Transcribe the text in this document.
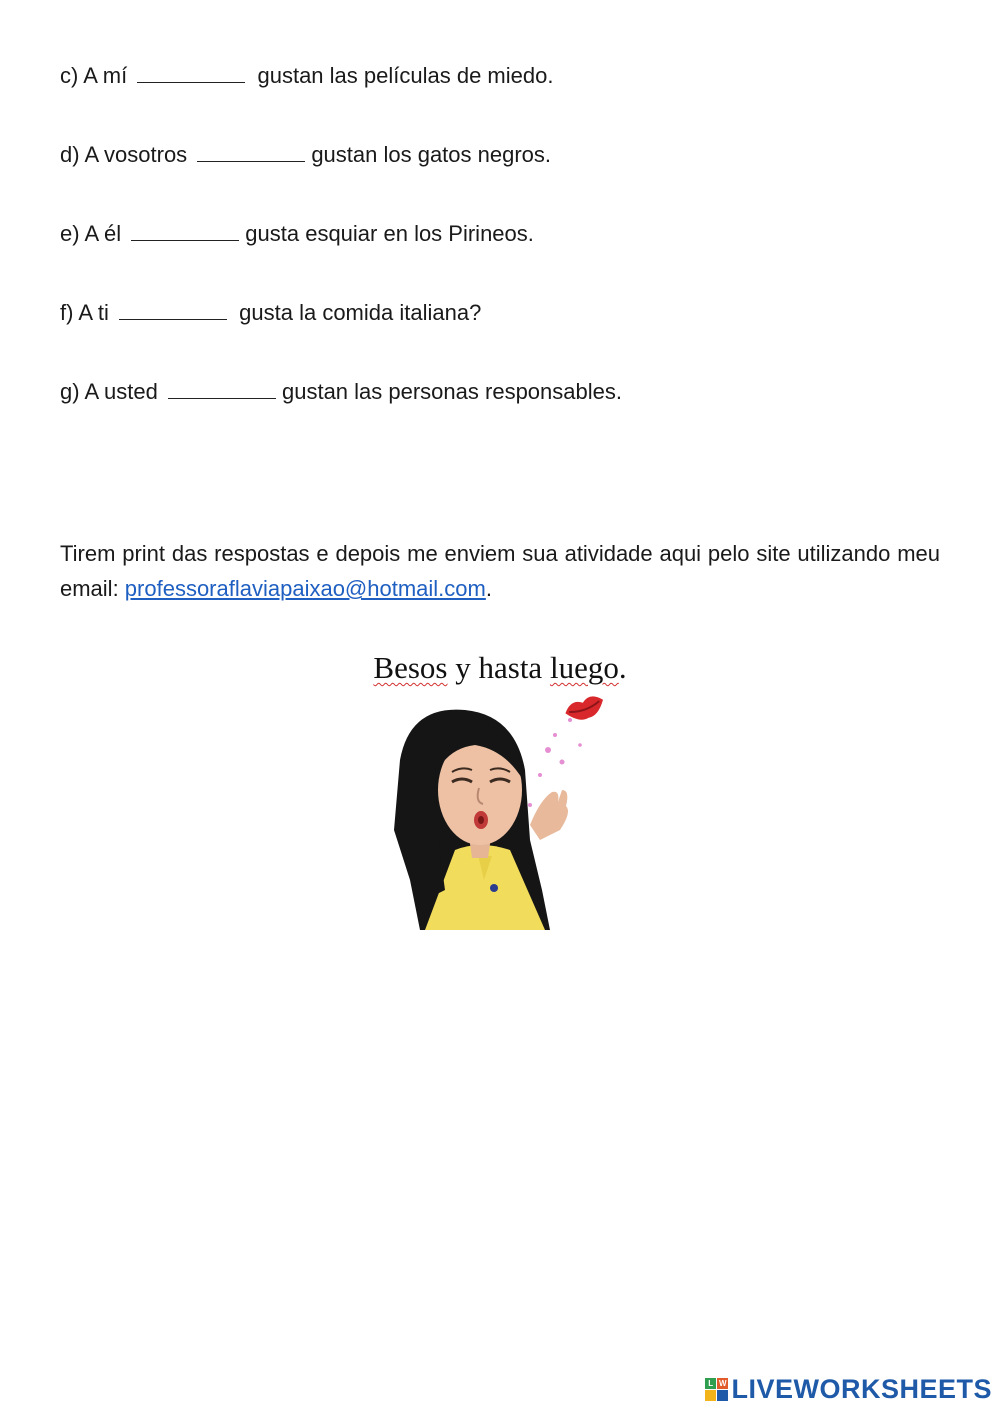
c) A mí	gustan las películas de miedo.
d) A vosotros	gustan los gatos negros.
e) A él	gusta esquiar en los Pirineos.
f) A ti	gusta la comida italiana?
g) A usted	gustan las personas responsables.
Tirem print das respostas e depois me enviem sua atividade aqui pelo site utilizando meu email: professoraflaviapaixao@hotmail.com.
Besos y hasta luego.
L W LIVEWORKSHEETS
